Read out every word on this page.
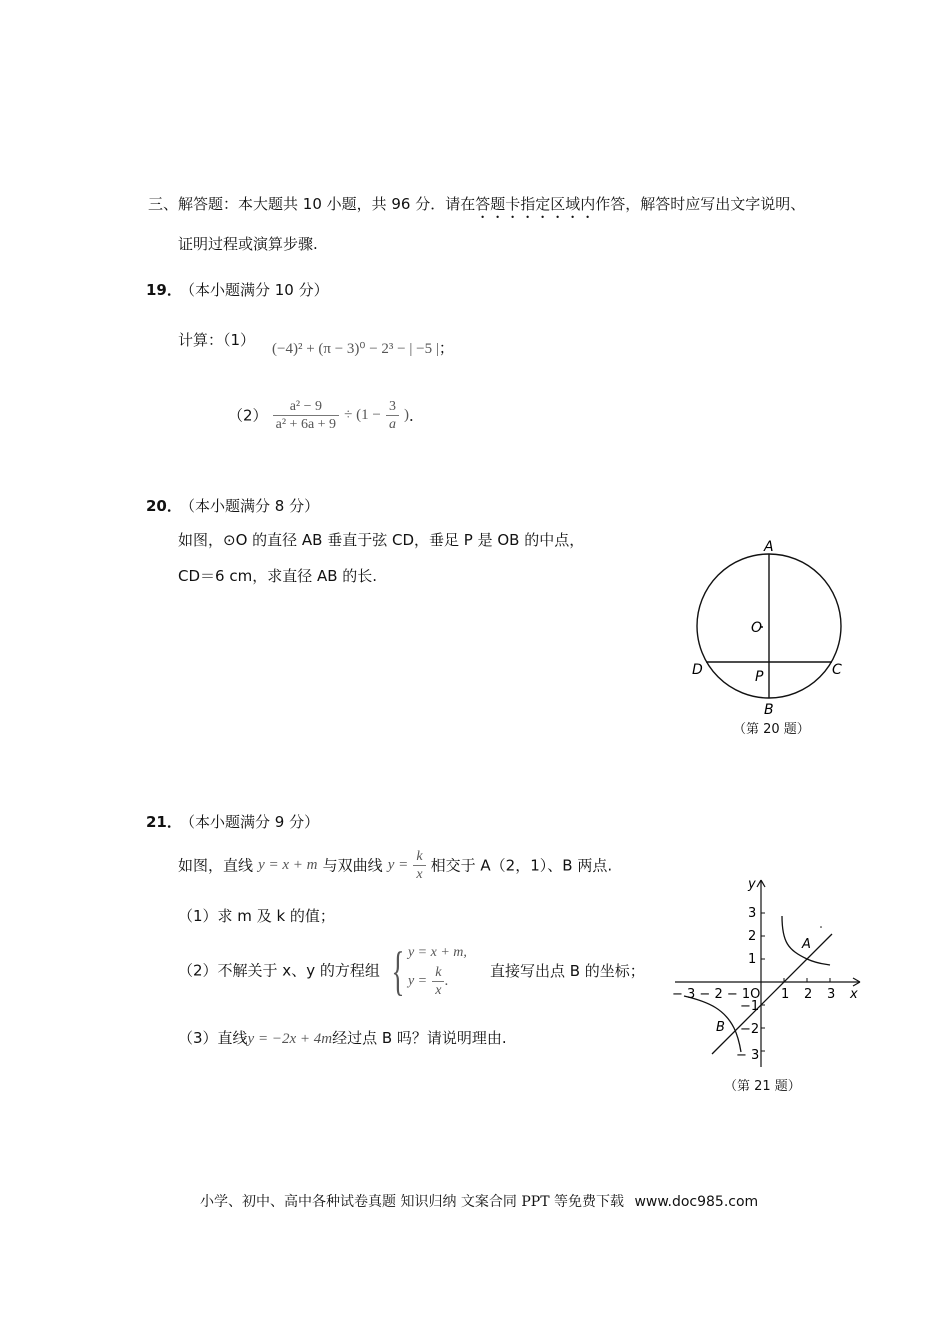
三、解答题：本大题共 10 小题，共 96 分．请在答题卡指定区域内作答，解答时应写出文字说明、
证明过程或演算步骤.
19．
（本小题满分 10 分）
计算：（1） (−4)² + (π − 3)⁰ − 2³ − | −5 |；
$(2) \frac{\text{a² − 9}}{\text{a² + 6a + 9}} \div (1 - \frac{3}{a}$ )．
20．
（本小题满分 8 分）
如图，⊙O 的直径 AB 垂直于弦 CD，垂足 P 是 OB 的中点，
CD＝6 cm，求直径 AB 的长.
A
O
D	C
P
B
（第 20 题）
21．
（本小题满分 9 分）
如图，直线 y = x + m 与双曲线 $y = \frac{k}{x}$ 相交于 A（2，1）、B 两点.
（1）求 m 及 k 的值；
（2）不解关于 x、y 的方程组 { y = x + m,
$y = \frac{k}{x}$ .
直接写出点 B 的坐标；
（3）直线y = −2x + 4m经过点 B 吗？请说明理由.
y
x
− 3 − 2 − 1O 1 2 3
3
2
1
−1
−2
− 3
A
B
（第 21 题）
小学、初中、高中各种试卷真题 知识归纳 文案合同 PPT 等免费下载 www.doc985.com
